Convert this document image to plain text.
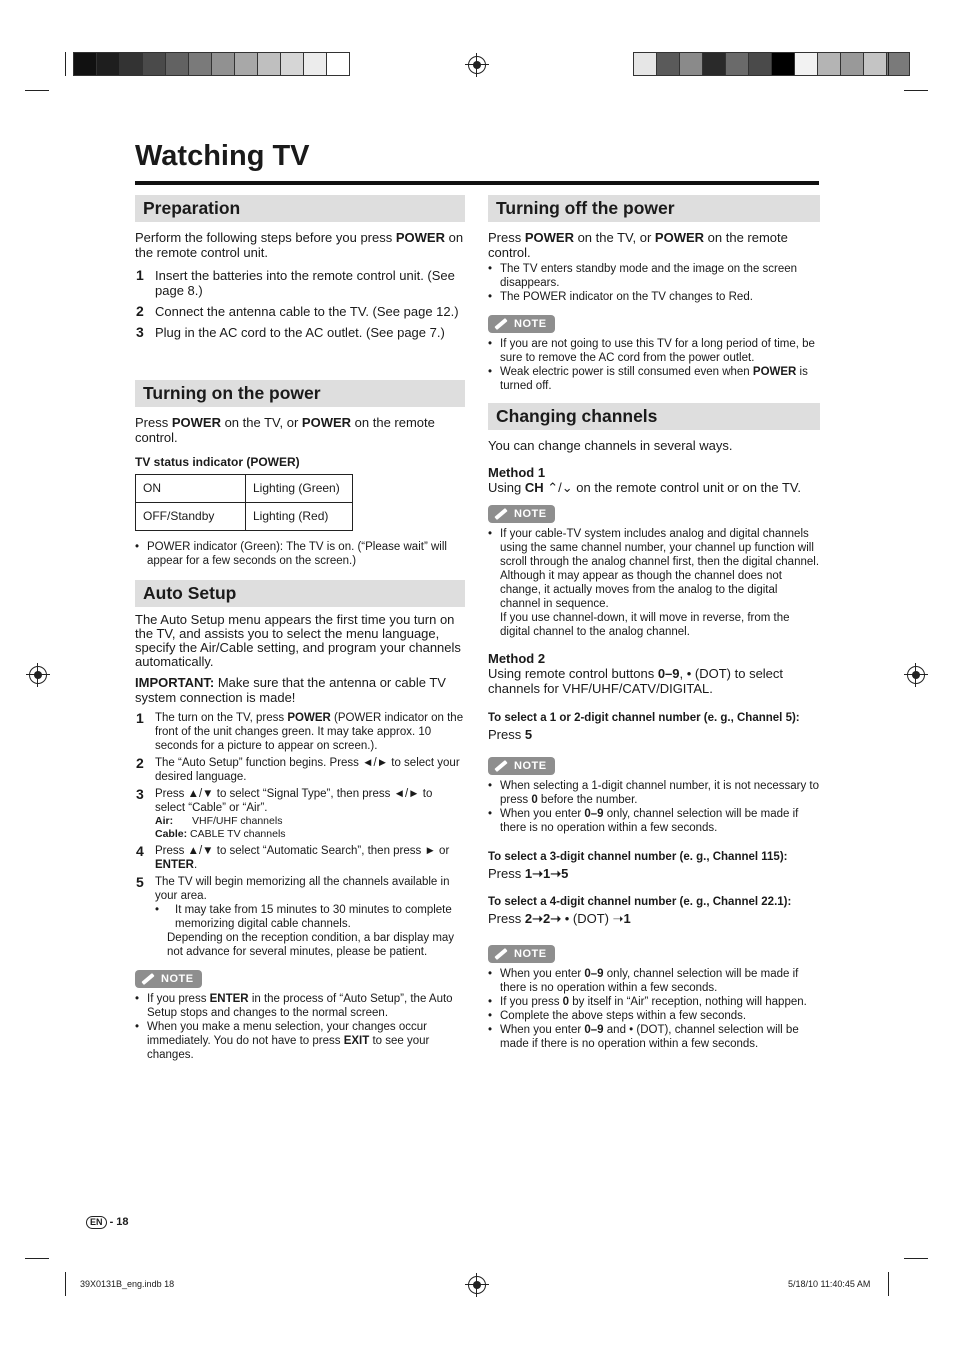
Watching TV
Preparation

Perform the following steps before you press POWER on the remote control unit.

1 Insert the batteries into the remote control unit. (See page 8.)
2 Connect the antenna cable to the TV. (See page 12.)
3 Plug in the AC cord to the AC outlet. (See page 7.)
Turning on the power

Press POWER on the TV, or POWER on the remote control.

TV status indicator (POWER)

ON	Lighting (Green)
OFF/Standby	Lighting (Red)
• POWER indicator (Green): The TV is on. (“Please wait” will appear for a few seconds on the screen.)
Auto Setup

The Auto Setup menu appears the first time you turn on the TV, and assists you to select the menu language, specify the Air/Cable setting, and program your channels automatically.

IMPORTANT: Make sure that the antenna or cable TV system connection is made!

1 The turn on the TV, press POWER (POWER indicator on the front of the unit changes green. It may take approx. 10 seconds for a picture to appear on screen.).
2 The “Auto Setup” function begins. Press ◄/► to select your desired language.
3 Press ▲/▼ to select “Signal Type”, then press ◄/► to select “Cable” or “Air”.
Air: VHF/UHF channels
Cable: CABLE TV channels
4 Press ▲/▼ to select “Automatic Search”, then press ► or ENTER.
5 The TV will begin memorizing all the channels available in your area.
• It may take from 15 minutes to 30 minutes to complete memorizing digital cable channels.
Depending on the reception condition, a bar display may not advance for several minutes, please be patient.
NOTE
• If you press ENTER in the process of “Auto Setup”, the Auto Setup stops and changes to the normal screen.
• When you make a menu selection, your changes occur immediately. You do not have to press EXIT to see your changes.
Turning off the power

Press POWER on the TV, or POWER on the remote control.

• The TV enters standby mode and the image on the screen disappears.
• The POWER indicator on the TV changes to Red.
NOTE
• If you are not going to use this TV for a long period of time, be sure to remove the AC cord from the power outlet.
• Weak electric power is still consumed even when POWER is turned off.
Changing channels

You can change channels in several ways.

Method 1

Using CH ⌃/⌄ on the remote control unit or on the TV.

NOTE
• If your cable-TV system includes analog and digital channels using the same channel number, your channel up function will scroll through the analog channel first, then the digital channel. Although it may appear as though the channel does not change, it actually moves from the analog to the digital channel in sequence.
If you use channel-down, it will move in reverse, from the digital channel to the analog channel.

Method 2

Using remote control buttons 0–9, • (DOT) to select channels for VHF/UHF/CATV/DIGITAL.

To select a 1 or 2-digit channel number (e. g., Channel 5):

Press 5

NOTE
• When selecting a 1-digit channel number, it is not necessary to press 0 before the number.
• When you enter 0–9 only, channel selection will be made if there is no operation within a few seconds.

To select a 3-digit channel number (e. g., Channel 115):

Press 1➝1➝5

To select a 4-digit channel number (e. g., Channel 22.1):

Press 2➝2➝ • (DOT) ➝1

NOTE
• When you enter 0–9 only, channel selection will be made if there is no operation within a few seconds.
• If you press 0 by itself in “Air” reception, nothing will happen.
• Complete the above steps within a few seconds.
• When you enter 0–9 and • (DOT), channel selection will be made if there is no operation within a few seconds.
EN - 18
39X0131B_eng.indb 18	5/18/10 11:40:45 AM
